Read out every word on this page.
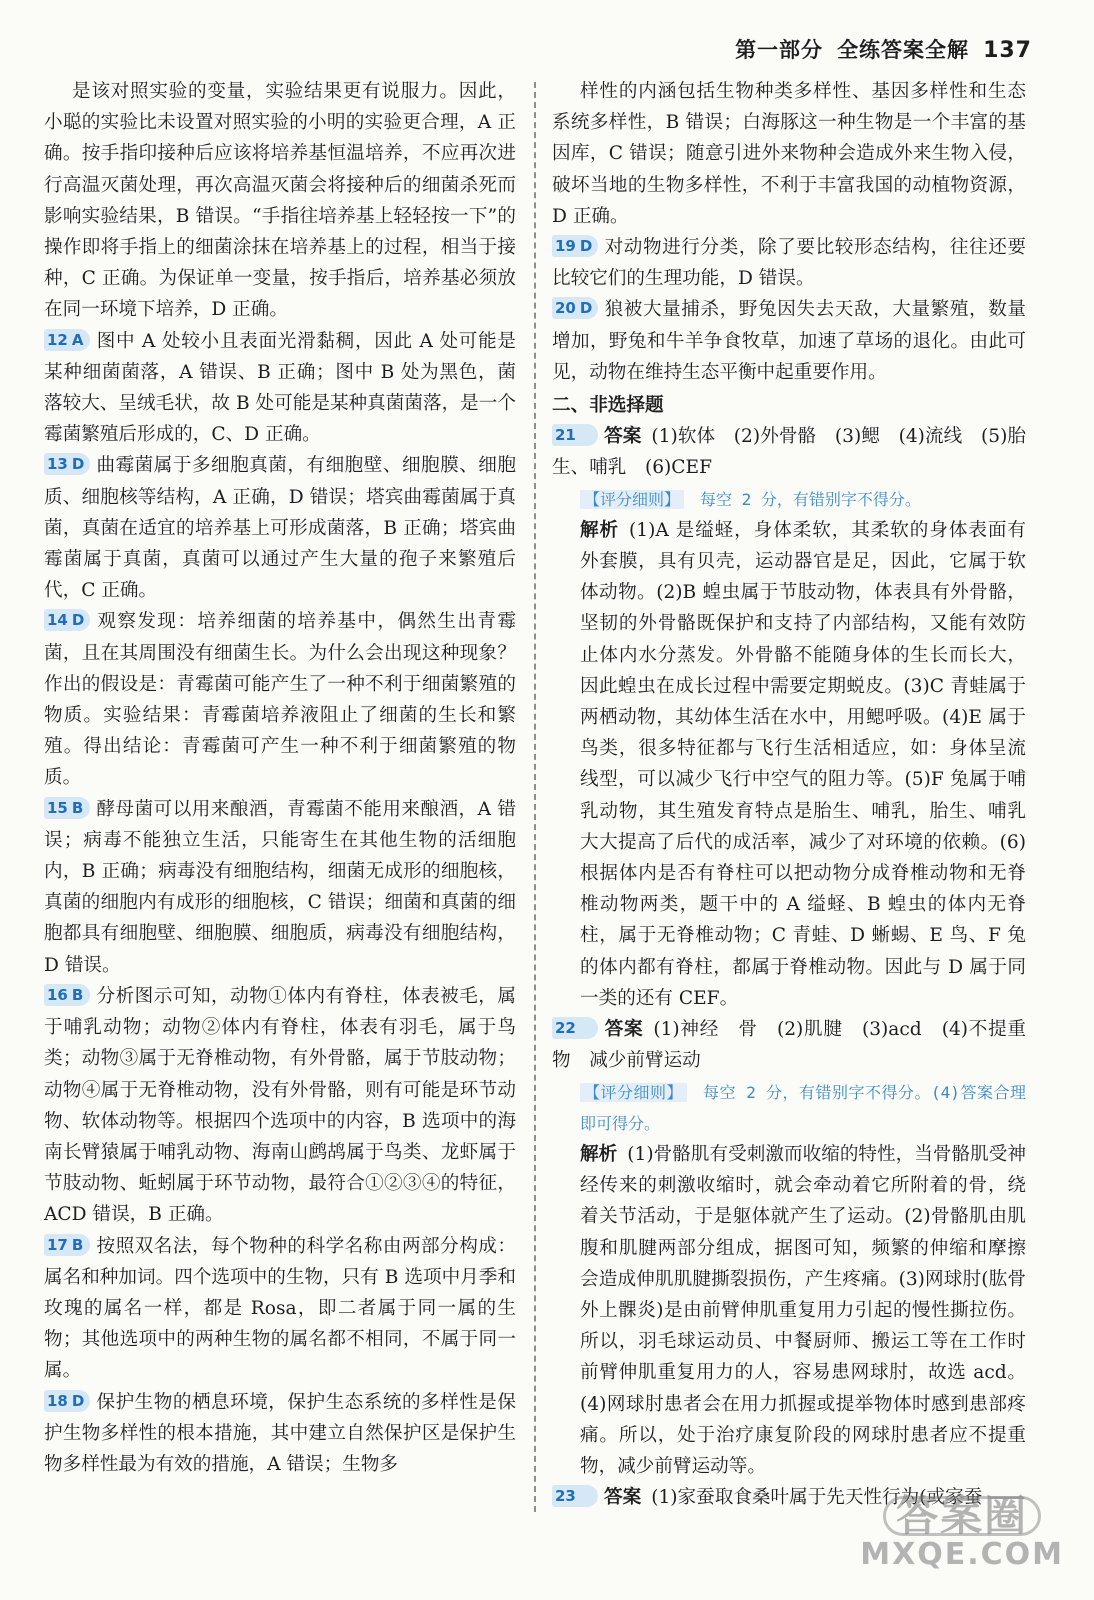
第一部分 全练答案全解 137

是该对照实验的变量，实验结果更有说服力。因此，小聪的实验比未设置对照实验的小明的实验更合理，A 正确。按手指印接种后应该将培养基恒温培养，不应再次进行高温灭菌处理，再次高温灭菌会将接种后的细菌杀死而影响实验结果，B 错误。“手指往培养基上轻轻按一下”的操作即将手指上的细菌涂抹在培养基上的过程，相当于接种，C 正确。为保证单一变量，按手指后，培养基必须放在同一环境下培养，D 正确。

12 A 图中 A 处较小且表面光滑黏稠，因此 A 处可能是某种细菌菌落，A 错误、B 正确；图中 B 处为黑色，菌落较大、呈绒毛状，故 B 处可能是某种真菌菌落，是一个霉菌繁殖后形成的，C、D 正确。

13 D 曲霉菌属于多细胞真菌，有细胞壁、细胞膜、细胞质、细胞核等结构，A 正确，D 错误；塔宾曲霉菌属于真菌，真菌在适宜的培养基上可形成菌落，B 正确；塔宾曲霉菌属于真菌，真菌可以通过产生大量的孢子来繁殖后代，C 正确。

14 D 观察发现：培养细菌的培养基中，偶然生出青霉菌，且在其周围没有细菌生长。为什么会出现这种现象？作出的假设是：青霉菌可能产生了一种不利于细菌繁殖的物质。实验结果：青霉菌培养液阻止了细菌的生长和繁殖。得出结论：青霉菌可产生一种不利于细菌繁殖的物质。

15 B 酵母菌可以用来酿酒，青霉菌不能用来酿酒，A 错误；病毒不能独立生活，只能寄生在其他生物的活细胞内，B 正确；病毒没有细胞结构，细菌无成形的细胞核，真菌的细胞内有成形的细胞核，C 错误；细菌和真菌的细胞都具有细胞壁、细胞膜、细胞质，病毒没有细胞结构，D 错误。

16 B 分析图示可知，动物①体内有脊柱，体表被毛，属于哺乳动物；动物②体内有脊柱，体表有羽毛，属于鸟类；动物③属于无脊椎动物，有外骨骼，属于节肢动物；动物④属于无脊椎动物，没有外骨骼，则有可能是环节动物、软体动物等。根据四个选项中的内容，B 选项中的海南长臂猿属于哺乳动物、海南山鹧鸪属于鸟类、龙虾属于节肢动物、蚯蚓属于环节动物，最符合①②③④的特征，ACD 错误，B 正确。

17 B 按照双名法，每个物种的科学名称由两部分构成：属名和种加词。四个选项中的生物，只有 B 选项中月季和玫瑰的属名一样，都是 Rosa，即二者属于同一属的生物；其他选项中的两种生物的属名都不相同，不属于同一属。

18 D 保护生物的栖息环境，保护生态系统的多样性是保护生物多样性的根本措施，其中建立自然保护区是保护生物多样性最为有效的措施，A 错误；生物多

样性的内涵包括生物种类多样性、基因多样性和生态系统多样性，B 错误；白海豚这一种生物是一个丰富的基因库，C 错误；随意引进外来物种会造成外来生物入侵，破坏当地的生物多样性，不利于丰富我国的动植物资源，D 正确。

19 D 对动物进行分类，除了要比较形态结构，往往还要比较它们的生理功能，D 错误。

20 D 狼被大量捕杀，野兔因失去天敌，大量繁殖，数量增加，野兔和牛羊争食牧草，加速了草场的退化。由此可见，动物在维持生态平衡中起重要作用。

二、非选择题

21 答案 (1)软体　(2)外骨骼　(3)鳃　(4)流线　(5)胎生、哺乳　(6)CEF

【评分细则】 每空 2 分，有错别字不得分。

解析 (1)A 是缢蛏，身体柔软，其柔软的身体表面有外套膜，具有贝壳，运动器官是足，因此，它属于软体动物。(2)B 蝗虫属于节肢动物，体表具有外骨骼，坚韧的外骨骼既保护和支持了内部结构，又能有效防止体内水分蒸发。外骨骼不能随身体的生长而长大，因此蝗虫在成长过程中需要定期蜕皮。(3)C 青蛙属于两栖动物，其幼体生活在水中，用鳃呼吸。(4)E 属于鸟类，很多特征都与飞行生活相适应，如：身体呈流线型，可以减少飞行中空气的阻力等。(5)F 兔属于哺乳动物，其生殖发育特点是胎生、哺乳，胎生、哺乳大大提高了后代的成活率，减少了对环境的依赖。(6)根据体内是否有脊柱可以把动物分成脊椎动物和无脊椎动物两类，题干中的 A 缢蛏、B 蝗虫的体内无脊柱，属于无脊椎动物；C 青蛙、D 蜥蜴、E 鸟、F 兔的体内都有脊柱，都属于脊椎动物。因此与 D 属于同一类的还有 CEF。

22 答案 (1)神经　骨　(2)肌腱　(3)acd　(4)不提重物　减少前臂运动

【评分细则】 每空 2 分，有错别字不得分。(4)答案合理即可得分。

解析 (1)骨骼肌有受刺激而收缩的特性，当骨骼肌受神经传来的刺激收缩时，就会牵动着它所附着的骨，绕着关节活动，于是躯体就产生了运动。(2)骨骼肌由肌腹和肌腱两部分组成，据图可知，频繁的伸缩和摩擦会造成伸肌肌腱撕裂损伤，产生疼痛。(3)网球肘(肱骨外上髁炎)是由前臂伸肌重复用力引起的慢性撕拉伤。所以，羽毛球运动员、中餐厨师、搬运工等在工作时前臂伸肌重复用力的人，容易患网球肘，故选 acd。(4)网球肘患者会在用力抓握或提举物体时感到患部疼痛。所以，处于治疗康复阶段的网球肘患者应不提重物，减少前臂运动等。

23 答案 (1)家蚕取食桑叶属于先天性行为(或家蚕

答案圈
MXQE.COM
